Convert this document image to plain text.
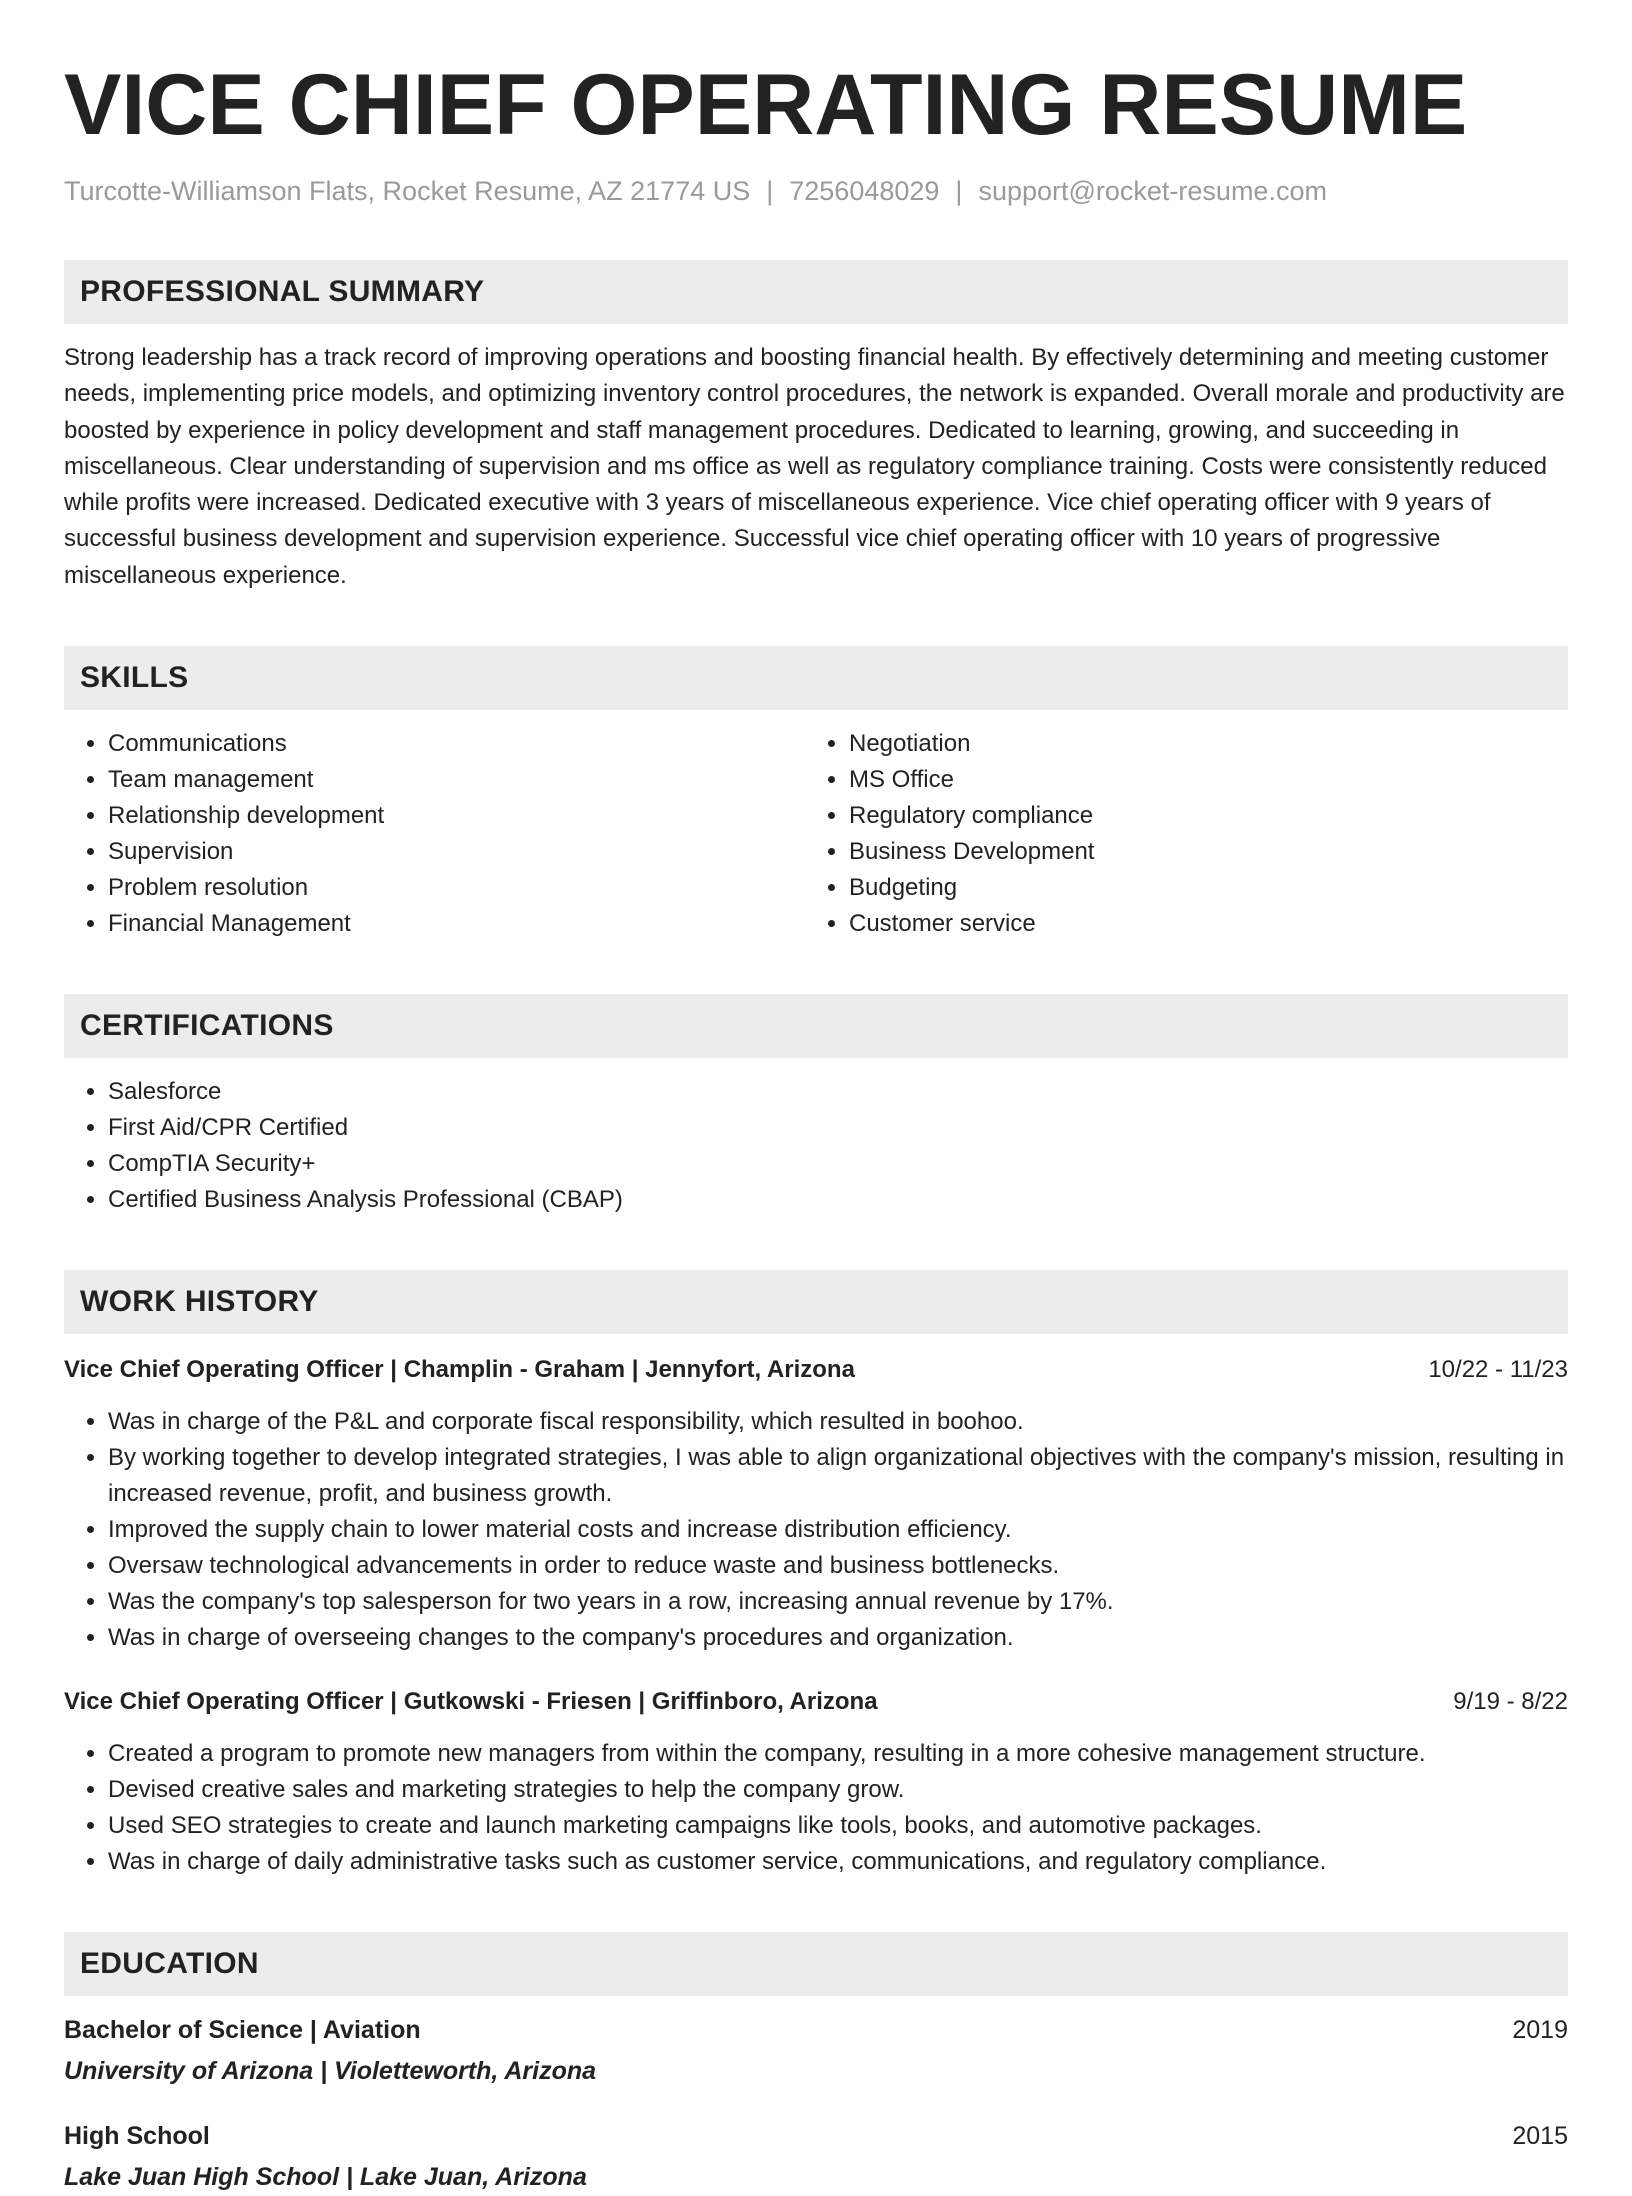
VICE CHIEF OPERATING RESUME
Turcotte-Williamson Flats, Rocket Resume, AZ 21774 US | 7256048029 | support@rocket-resume.com
PROFESSIONAL SUMMARY

Strong leadership has a track record of improving operations and boosting financial health. By effectively determining and meeting customer needs, implementing price models, and optimizing inventory control procedures, the network is expanded. Overall morale and productivity are boosted by experience in policy development and staff management procedures. Dedicated to learning, growing, and succeeding in miscellaneous. Clear understanding of supervision and ms office as well as regulatory compliance training. Costs were consistently reduced while profits were increased. Dedicated executive with 3 years of miscellaneous experience. Vice chief operating officer with 9 years of successful business development and supervision experience. Successful vice chief operating officer with 10 years of progressive miscellaneous experience.

SKILLS
• Communications
• Team management
• Relationship development
• Supervision
• Problem resolution
• Financial Management
• Negotiation
• MS Office
• Regulatory compliance
• Business Development
• Budgeting
• Customer service
CERTIFICATIONS
• Salesforce
• First Aid/CPR Certified
• CompTIA Security+
• Certified Business Analysis Professional (CBAP)
WORK HISTORY
Vice Chief Operating Officer | Champlin - Graham | Jennyfort, Arizona	10/22 - 11/23
• Was in charge of the P&L and corporate fiscal responsibility, which resulted in boohoo.
• By working together to develop integrated strategies, I was able to align organizational objectives with the company's mission, resulting in increased revenue, profit, and business growth.
• Improved the supply chain to lower material costs and increase distribution efficiency.
• Oversaw technological advancements in order to reduce waste and business bottlenecks.
• Was the company's top salesperson for two years in a row, increasing annual revenue by 17%.
• Was in charge of overseeing changes to the company's procedures and organization.
Vice Chief Operating Officer | Gutkowski - Friesen | Griffinboro, Arizona	9/19 - 8/22
• Created a program to promote new managers from within the company, resulting in a more cohesive management structure.
• Devised creative sales and marketing strategies to help the company grow.
• Used SEO strategies to create and launch marketing campaigns like tools, books, and automotive packages.
• Was in charge of daily administrative tasks such as customer service, communications, and regulatory compliance.
EDUCATION
Bachelor of Science | Aviation	2019
University of Arizona | Violetteworth, Arizona
High School	2015
Lake Juan High School | Lake Juan, Arizona
